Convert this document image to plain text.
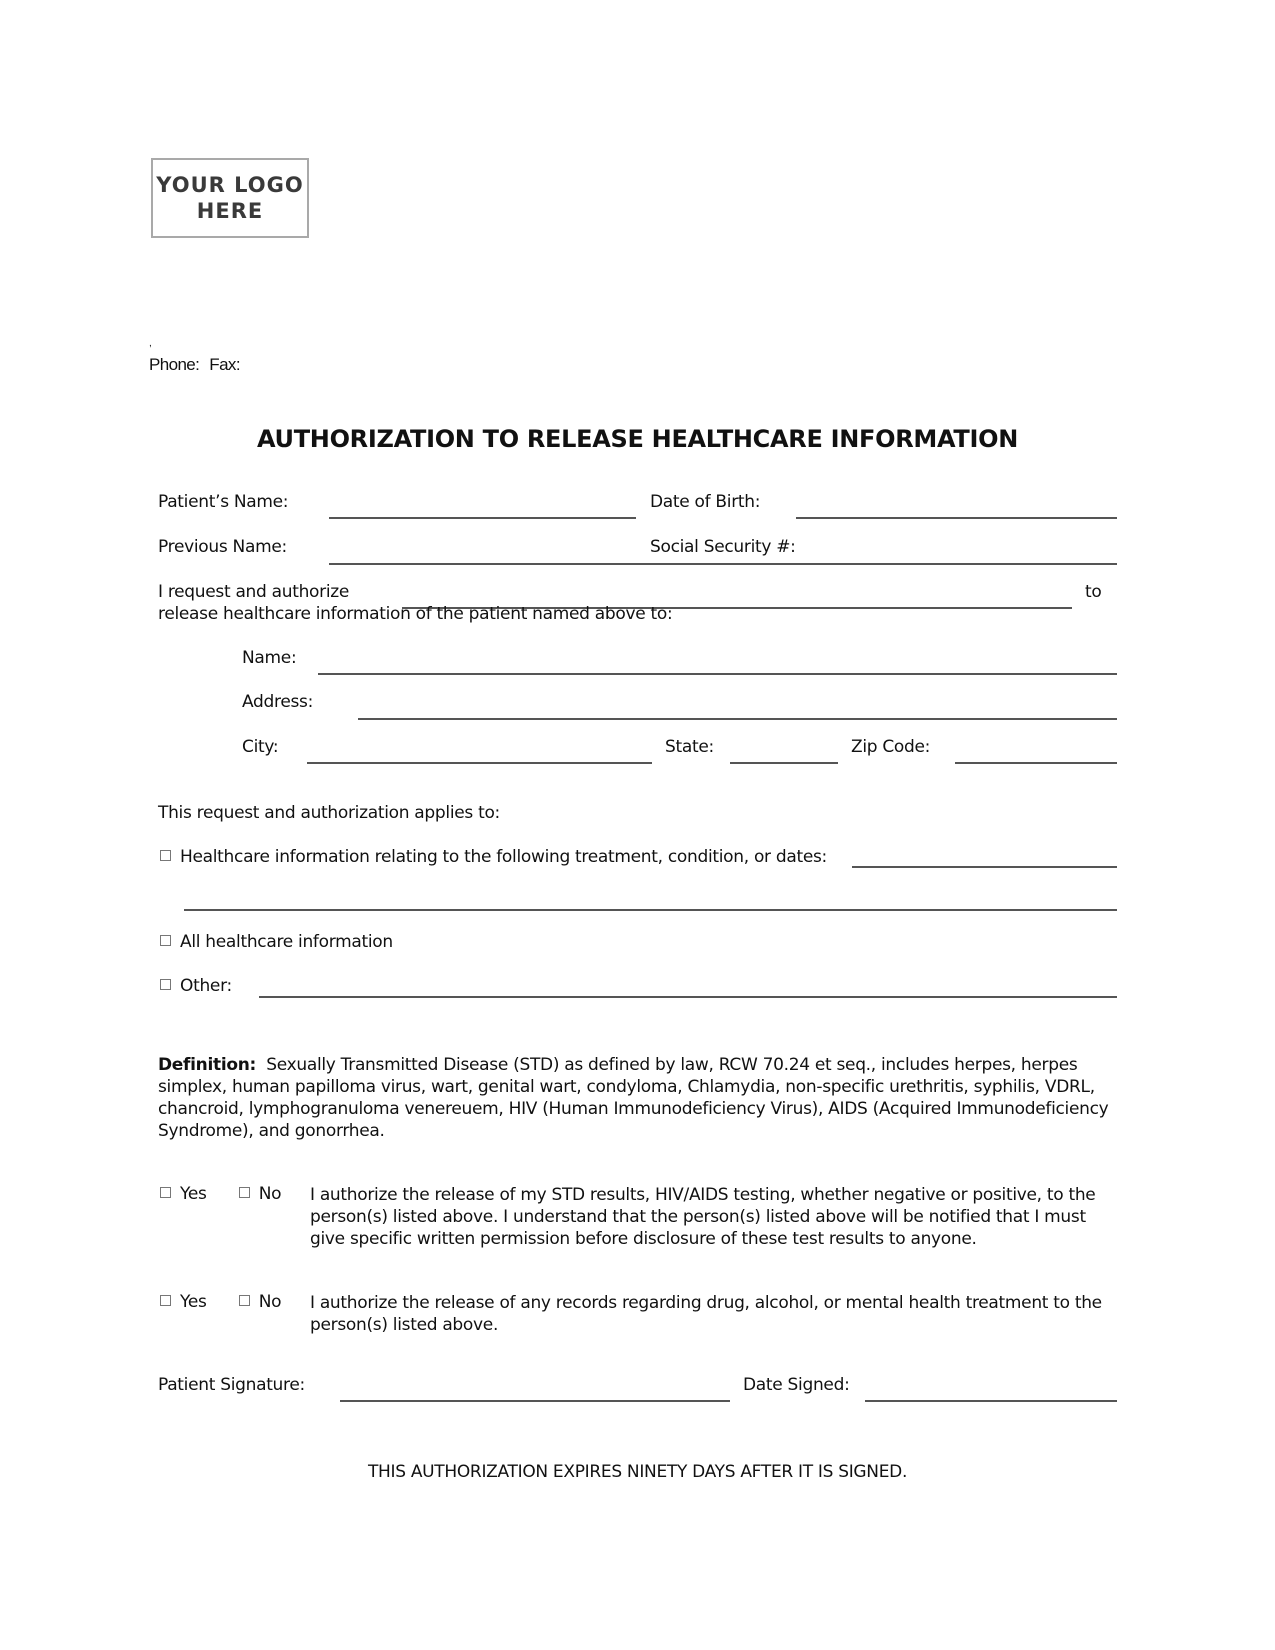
YOUR LOGO
HERE
,
Phone: Fax:
AUTHORIZATION TO RELEASE HEALTHCARE INFORMATION
Patient’s Name:	Date of Birth:
Previous Name:	Social Security #:
I request and authorize	to
release healthcare information of the patient named above to:
Name:
Address:
City:	State:	Zip Code:
This request and authorization applies to:
Healthcare information relating to the following treatment, condition, or dates:
All healthcare information
Other:
Definition: Sexually Transmitted Disease (STD) as defined by law, RCW 70.24 et seq., includes herpes, herpes simplex, human papilloma virus, wart, genital wart, condyloma, Chlamydia, non-specific urethritis, syphilis, VDRL, chancroid, lymphogranuloma venereuem, HIV (Human Immunodeficiency Virus), AIDS (Acquired Immunodeficiency Syndrome), and gonorrhea.
Yes	No I authorize the release of my STD results, HIV/AIDS testing, whether negative or positive, to the person(s) listed above. I understand that the person(s) listed above will be notified that I must give specific written permission before disclosure of these test results to anyone.
Yes	No I authorize the release of any records regarding drug, alcohol, or mental health treatment to the person(s) listed above.
Patient Signature:	Date Signed:
THIS AUTHORIZATION EXPIRES NINETY DAYS AFTER IT IS SIGNED.
